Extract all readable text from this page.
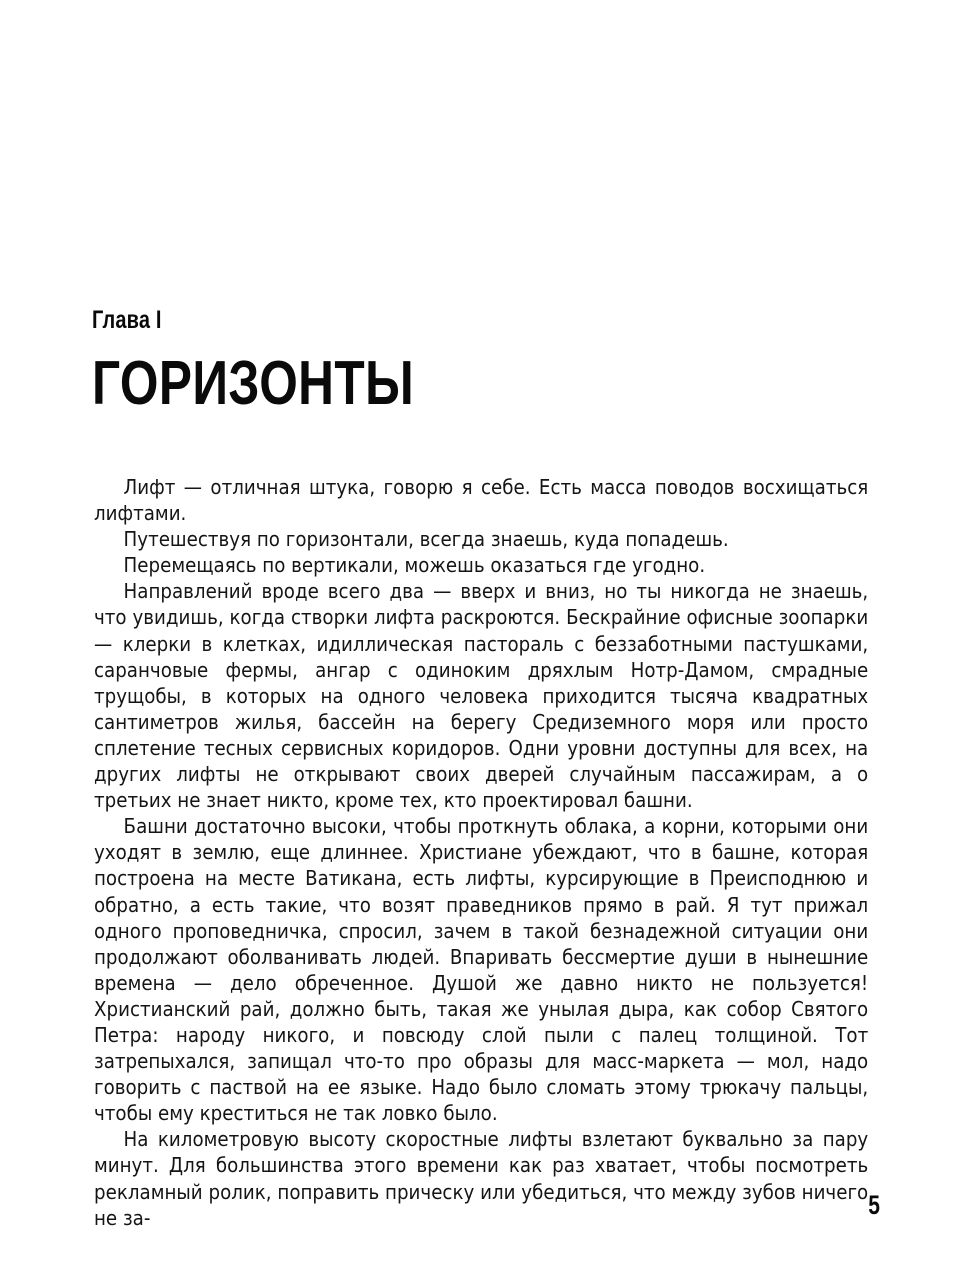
Глава I
ГОРИЗОНТЫ

Лифт — отличная штука, говорю я себе. Есть масса поводов восхищаться лифтами.

Путешествуя по горизонтали, всегда знаешь, куда попадешь.

Перемещаясь по вертикали, можешь оказаться где угодно.

Направлений вроде всего два — вверх и вниз, но ты никогда не знаешь, что увидишь, когда створки лифта раскроются. Бескрайние офисные зоопарки — клерки в клетках, идиллическая пастораль с беззаботными пастушками, саранчовые фермы, ангар с одиноким дряхлым Нотр-Дамом, смрадные трущобы, в которых на одного человека приходится тысяча квадратных сантиметров жилья, бассейн на берегу Средиземного моря или просто сплетение тесных сервисных коридоров. Одни уровни доступны для всех, на других лифты не открывают своих дверей случайным пассажирам, а о третьих не знает никто, кроме тех, кто проектировал башни.

Башни достаточно высоки, чтобы проткнуть облака, а корни, которыми они уходят в землю, еще длиннее. Христиане убеждают, что в башне, которая построена на месте Ватикана, есть лифты, курсирующие в Преисподнюю и обратно, а есть такие, что возят праведников прямо в рай. Я тут прижал одного проповедничка, спросил, зачем в такой безнадежной ситуации они продолжают оболванивать людей. Впаривать бессмертие души в нынешние времена — дело обреченное. Душой же давно никто не пользуется! Христианский рай, должно быть, такая же унылая дыра, как собор Святого Петра: народу никого, и повсюду слой пыли с палец толщиной. Тот затрепыхался, запищал что-то про образы для масс-маркета — мол, надо говорить с паствой на ее языке. Надо было сломать этому трюкачу пальцы, чтобы ему креститься не так ловко было.

На километровую высоту скоростные лифты взлетают буквально за пару минут. Для большинства этого времени как раз хватает, чтобы посмотреть рекламный ролик, поправить прическу или убедиться, что между зубов ничего не за-	5
